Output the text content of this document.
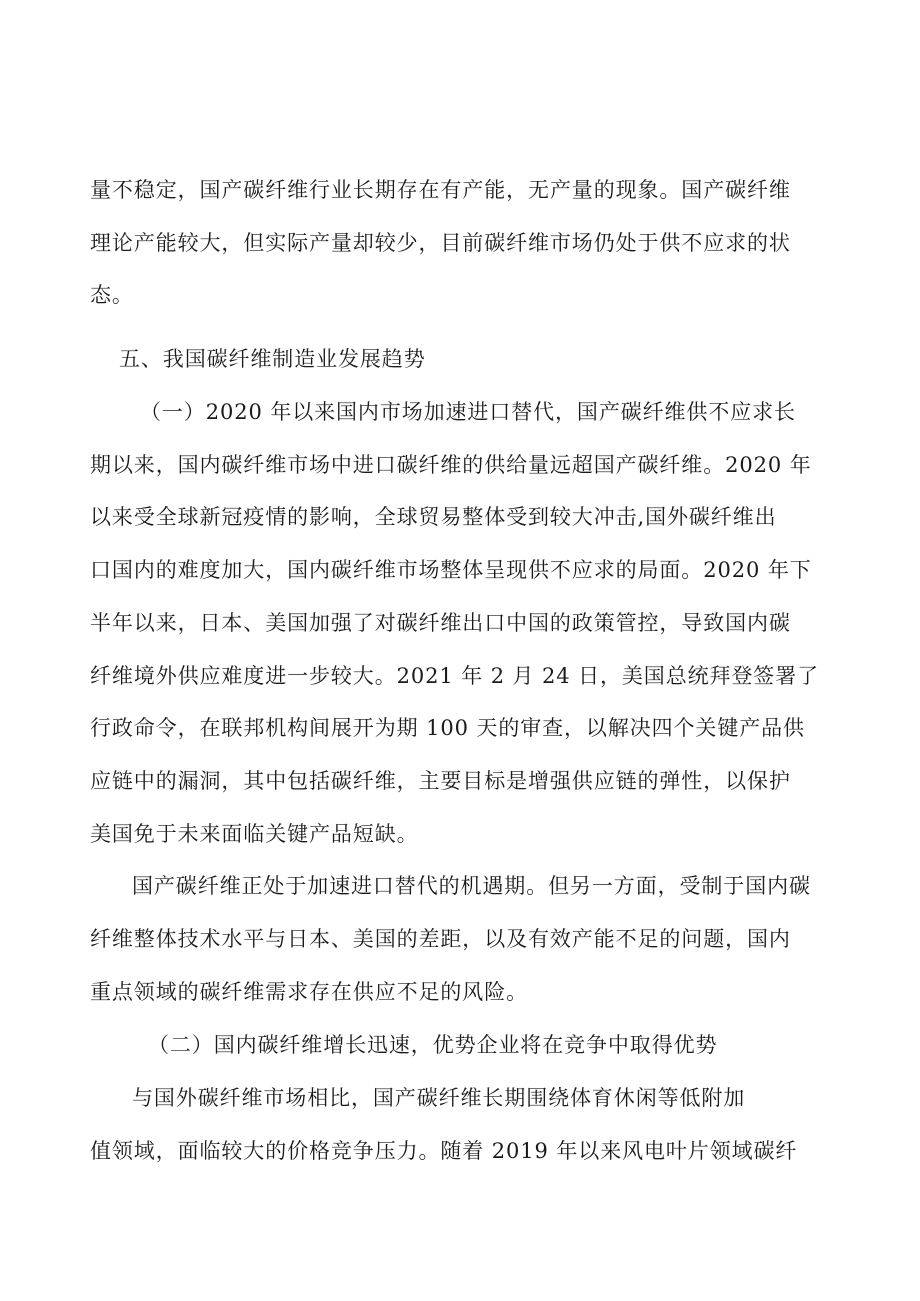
量不稳定，国产碳纤维行业长期存在有产能，无产量的现象。国产碳纤维
理论产能较大，但实际产量却较少，目前碳纤维市场仍处于供不应求的状
态。
五、我国碳纤维制造业发展趋势
（一）2020 年以来国内市场加速进口替代，国产碳纤维供不应求长
期以来，国内碳纤维市场中进口碳纤维的供给量远超国产碳纤维。2020 年
以来受全球新冠疫情的影响，全球贸易整体受到较大冲击,国外碳纤维出
口国内的难度加大，国内碳纤维市场整体呈现供不应求的局面。2020 年下
半年以来，日本、美国加强了对碳纤维出口中国的政策管控，导致国内碳
纤维境外供应难度进一步较大。2021 年 2 月 24 日，美国总统拜登签署了
行政命令，在联邦机构间展开为期 100 天的审查，以解决四个关键产品供
应链中的漏洞，其中包括碳纤维，主要目标是增强供应链的弹性，以保护
美国免于未来面临关键产品短缺。
国产碳纤维正处于加速进口替代的机遇期。但另一方面，受制于国内碳
纤维整体技术水平与日本、美国的差距，以及有效产能不足的问题，国内
重点领域的碳纤维需求存在供应不足的风险。
（二）国内碳纤维增长迅速，优势企业将在竞争中取得优势
与国外碳纤维市场相比，国产碳纤维长期围绕体育休闲等低附加
值领域，面临较大的价格竞争压力。随着 2019 年以来风电叶片领域碳纤
